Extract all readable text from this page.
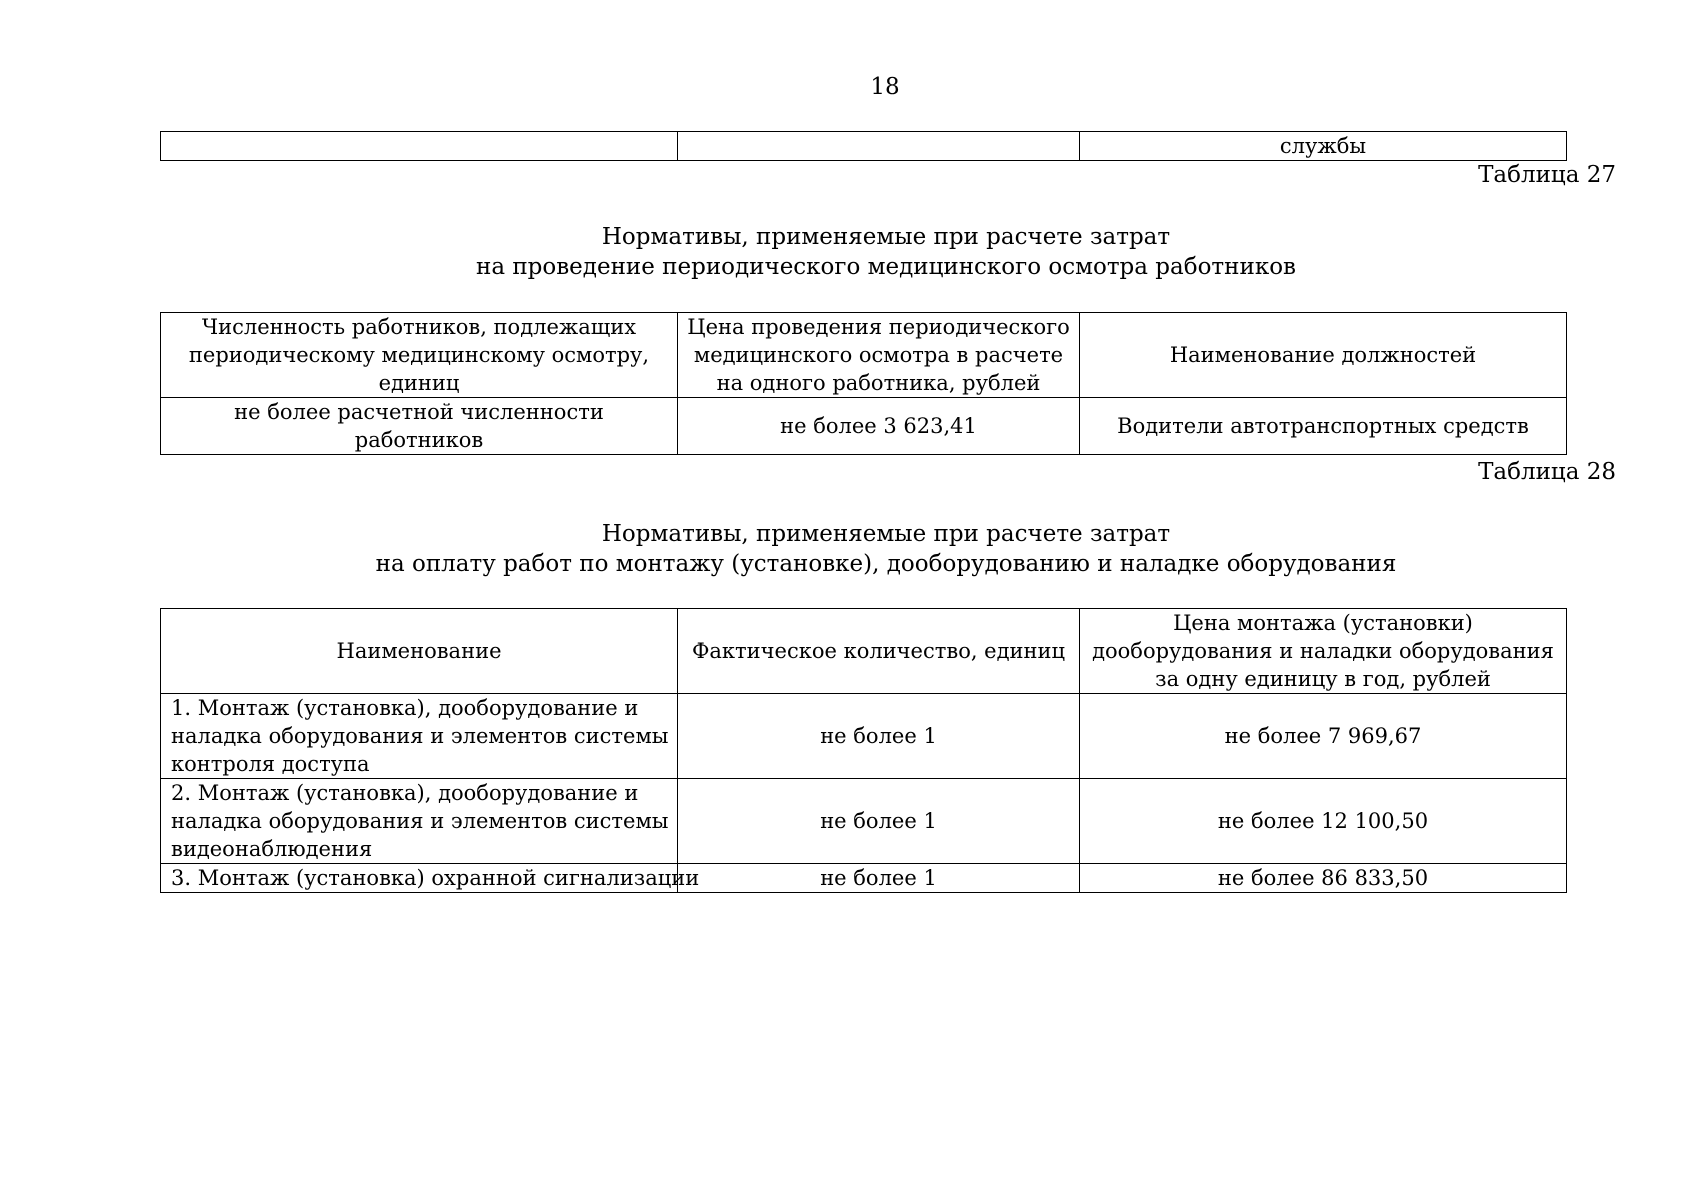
18
		службы
Таблица 27
Нормативы, применяемые при расчете затрат
на проведение периодического медицинского осмотра работников
Численность работников, подлежащих периодическому медицинскому осмотру, единиц	Цена проведения периодического медицинского осмотра в расчете на одного работника, рублей	Наименование должностей
не более расчетной численности работников	не более 3 623,41	Водители автотранспортных средств
Таблица 28
Нормативы, применяемые при расчете затрат
на оплату работ по монтажу (установке), дооборудованию и наладке оборудования
Наименование	Фактическое количество, единиц	Цена монтажа (установки) дооборудования и наладки оборудования за одну единицу в год, рублей
1. Монтаж (установка), дооборудование и наладка оборудования и элементов системы контроля доступа	не более 1	не более 7 969,67
2. Монтаж (установка), дооборудование и наладка оборудования и элементов системы видеонаблюдения	не более 1	не более 12 100,50
3. Монтаж (установка) охранной сигнализации	не более 1	не более 86 833,50
